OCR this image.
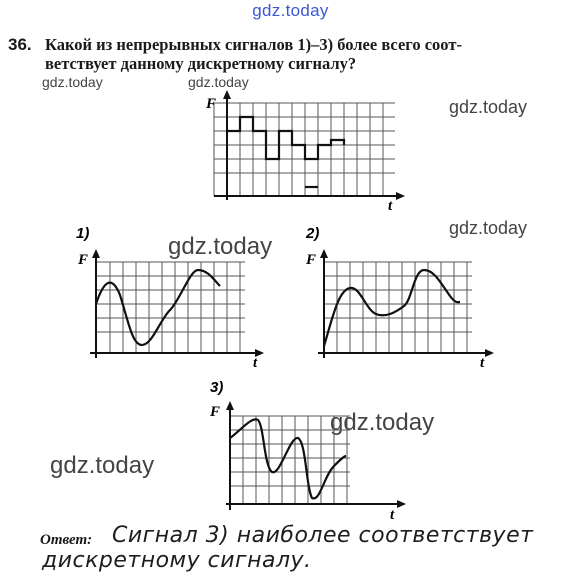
gdz.today
36. Какой из непрерывных сигналов 1)–3) более всего соот-
ветствует данному дискретному сигналу?
gdz.today	gdz.today
gdz.today
gdz.today
gdz.today
gdz.today
gdz.today
F
t
1)
F
t
2)
F
t
3)
F
t
Ответ: Сигнал 3) наиболее соответствует
дискретному сигналу.
